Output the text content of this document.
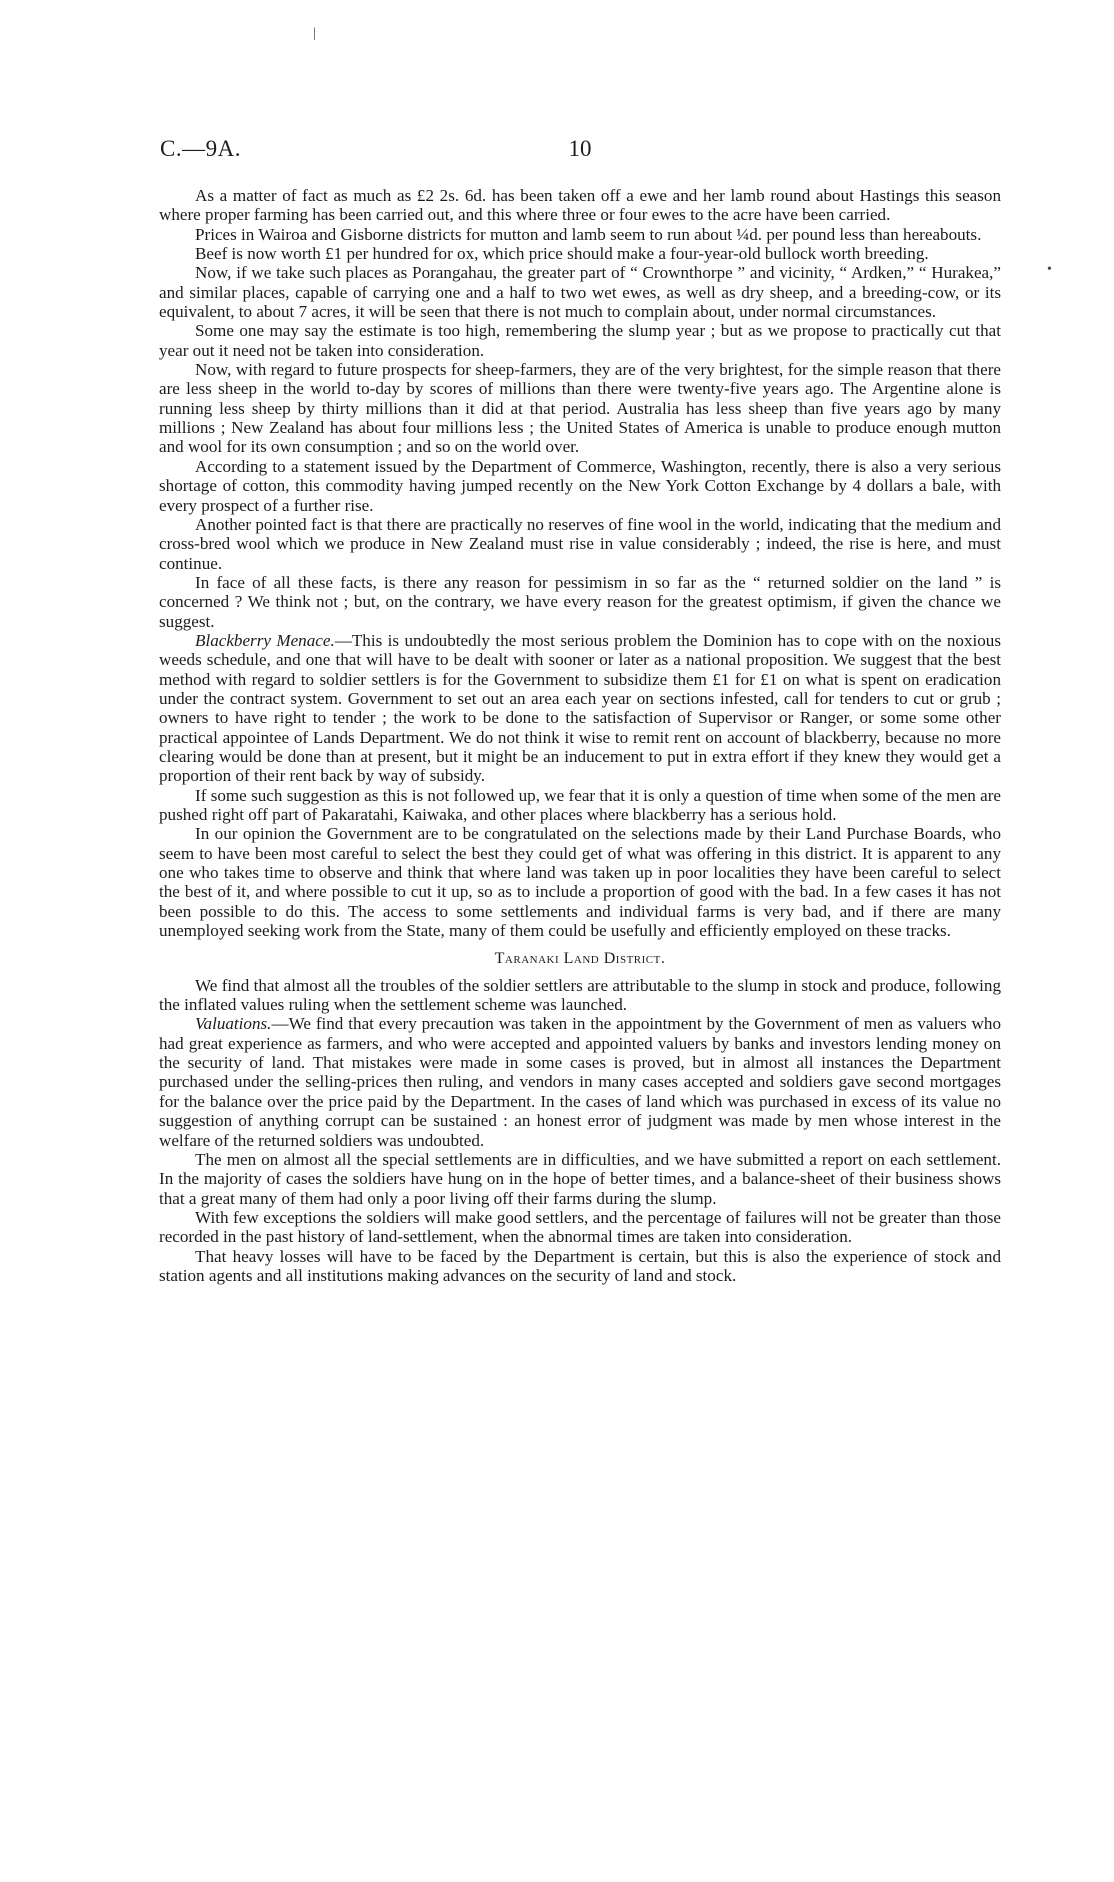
C.—9A.	10
|
•

As a matter of fact as much as £2 2s. 6d. has been taken off a ewe and her lamb round about Hastings this season where proper farming has been carried out, and this where three or four ewes to the acre have been carried.

Prices in Wairoa and Gisborne districts for mutton and lamb seem to run about ¼d. per pound less than hereabouts.

Beef is now worth £1 per hundred for ox, which price should make a four-year-old bullock worth breeding.

Now, if we take such places as Porangahau, the greater part of “ Crownthorpe ” and vicinity, “ Ardken,” “ Hurakea,” and similar places, capable of carrying one and a half to two wet ewes, as well as dry sheep, and a breeding-cow, or its equivalent, to about 7 acres, it will be seen that there is not much to complain about, under normal circumstances.

Some one may say the estimate is too high, remembering the slump year ; but as we propose to practically cut that year out it need not be taken into consideration.

Now, with regard to future prospects for sheep-farmers, they are of the very brightest, for the simple reason that there are less sheep in the world to-day by scores of millions than there were twenty-five years ago. The Argentine alone is running less sheep by thirty millions than it did at that period. Australia has less sheep than five years ago by many millions ; New Zealand has about four millions less ; the United States of America is unable to produce enough mutton and wool for its own consumption ; and so on the world over.

According to a statement issued by the Department of Commerce, Washington, recently, there is also a very serious shortage of cotton, this commodity having jumped recently on the New York Cotton Exchange by 4 dollars a bale, with every prospect of a further rise.

Another pointed fact is that there are practically no reserves of fine wool in the world, indicating that the medium and cross-bred wool which we produce in New Zealand must rise in value considerably ; indeed, the rise is here, and must continue.

In face of all these facts, is there any reason for pessimism in so far as the “ returned soldier on the land ” is concerned ? We think not ; but, on the contrary, we have every reason for the greatest optimism, if given the chance we suggest.

Blackberry Menace.—This is undoubtedly the most serious problem the Dominion has to cope with on the noxious weeds schedule, and one that will have to be dealt with sooner or later as a national proposition. We suggest that the best method with regard to soldier settlers is for the Government to subsidize them £1 for £1 on what is spent on eradication under the contract system. Government to set out an area each year on sections infested, call for tenders to cut or grub ; owners to have right to tender ; the work to be done to the satisfaction of Supervisor or Ranger, or some some other practical appointee of Lands Department. We do not think it wise to remit rent on account of blackberry, because no more clearing would be done than at present, but it might be an inducement to put in extra effort if they knew they would get a proportion of their rent back by way of subsidy.

If some such suggestion as this is not followed up, we fear that it is only a question of time when some of the men are pushed right off part of Pakaratahi, Kaiwaka, and other places where blackberry has a serious hold.

In our opinion the Government are to be congratulated on the selections made by their Land Purchase Boards, who seem to have been most careful to select the best they could get of what was offering in this district. It is apparent to any one who takes time to observe and think that where land was taken up in poor localities they have been careful to select the best of it, and where possible to cut it up, so as to include a proportion of good with the bad. In a few cases it has not been possible to do this. The access to some settlements and individual farms is very bad, and if there are many unemployed seeking work from the State, many of them could be usefully and efficiently employed on these tracks.

Taranaki Land District.

We find that almost all the troubles of the soldier settlers are attributable to the slump in stock and produce, following the inflated values ruling when the settlement scheme was launched.

Valuations.—We find that every precaution was taken in the appointment by the Government of men as valuers who had great experience as farmers, and who were accepted and appointed valuers by banks and investors lending money on the security of land. That mistakes were made in some cases is proved, but in almost all instances the Department purchased under the selling-prices then ruling, and vendors in many cases accepted and soldiers gave second mortgages for the balance over the price paid by the Department. In the cases of land which was purchased in excess of its value no suggestion of anything corrupt can be sustained : an honest error of judgment was made by men whose interest in the welfare of the returned soldiers was undoubted.

The men on almost all the special settlements are in difficulties, and we have submitted a report on each settlement. In the majority of cases the soldiers have hung on in the hope of better times, and a balance-sheet of their business shows that a great many of them had only a poor living off their farms during the slump.

With few exceptions the soldiers will make good settlers, and the percentage of failures will not be greater than those recorded in the past history of land-settlement, when the abnormal times are taken into consideration.

That heavy losses will have to be faced by the Department is certain, but this is also the experience of stock and station agents and all institutions making advances on the security of land and stock.
